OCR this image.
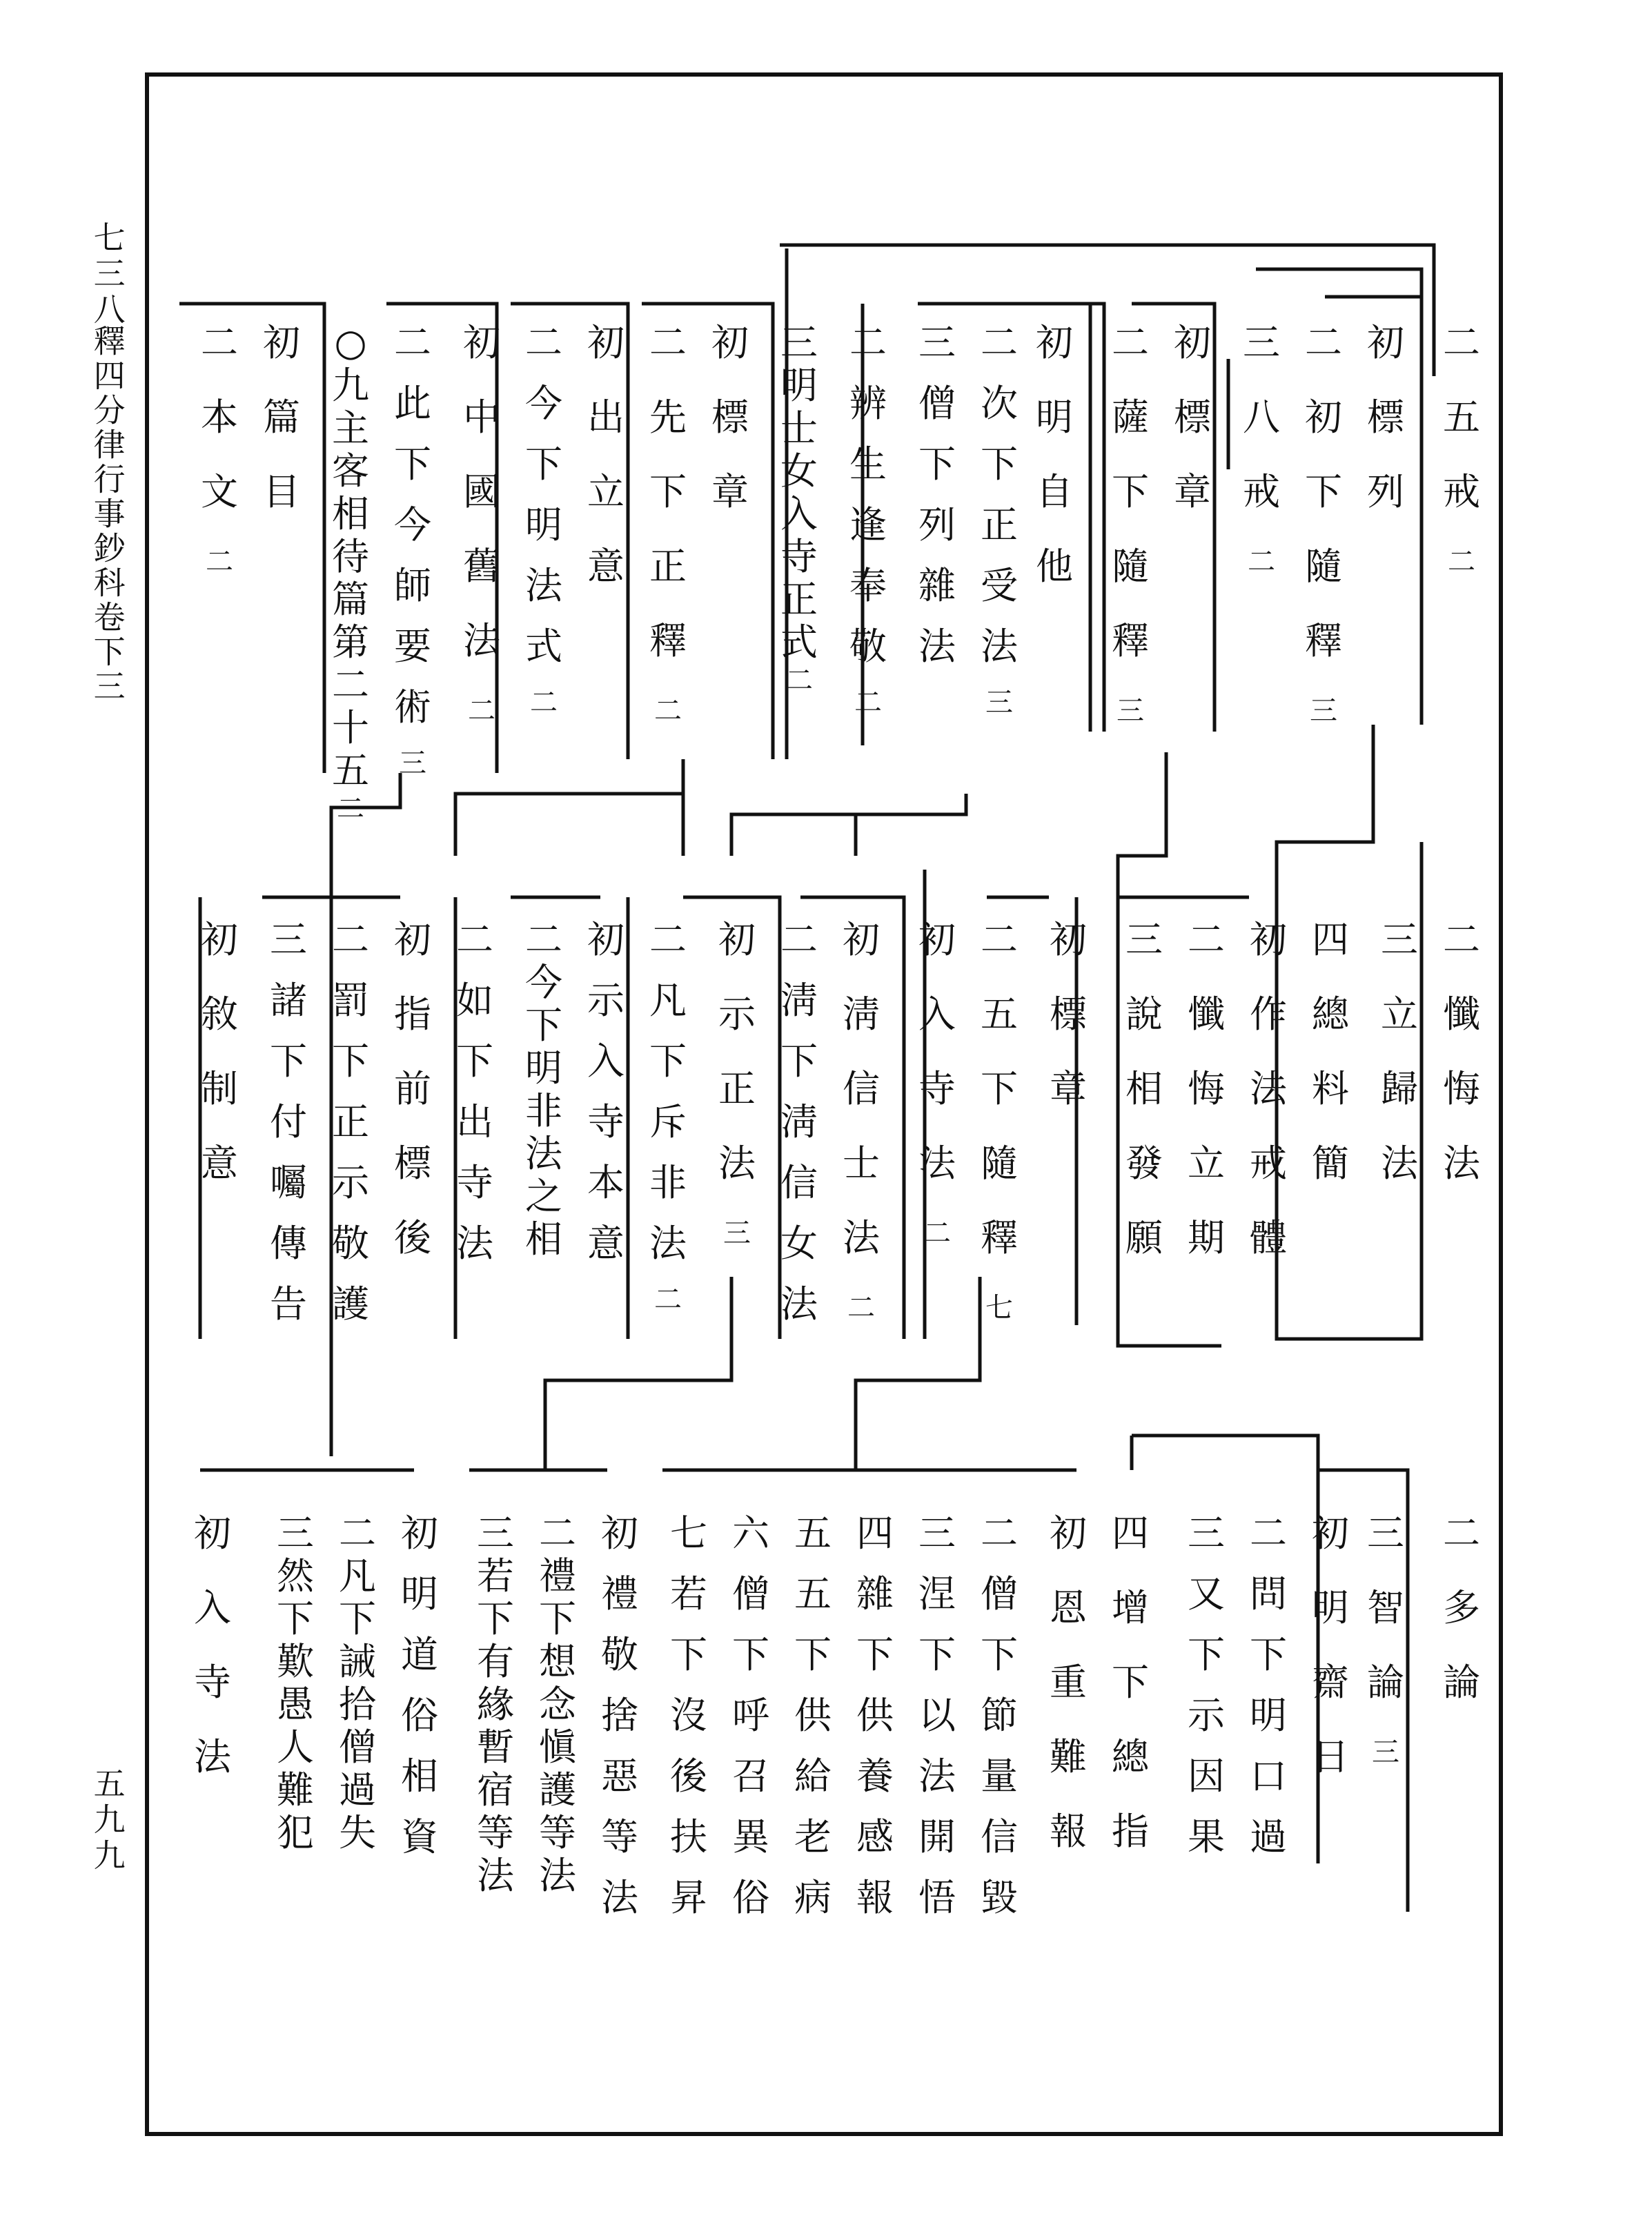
七三八
釋四分律行事鈔科卷下三
五九九
二
五
戒
二
初
標
列
二
初
下
隨
釋
三
三
八
戒
二
初
標
章
二
薩
下
隨
釋
三
初
明
自
他
二
次
下
正
受
法
三
三
僧
下
列
雜
法
二
辨
生
逢
奉
敬
二
三
明
士
女
入
寺
正
式
二
初
標
章
二
先
下
正
釋
二
初
出
立
意
二
今
下
明
法
式
二
初
中
國
舊
法
二
二
此
下
今
師
要
術
三
○
九
主
客
相
待
篇
第
二
十
五
二
初
篇
目
二
本
文
二
二
懺
悔
法
三
立
歸
法
四
總
料
簡
初
作
法
戒
體
二
懺
悔
立
期
三
說
相
發
願
初
標
章
二
五
下
隨
釋
七
初
入
寺
法
二
初
淸
信
士
法
二
二
淸
下
淸
信
女
法
初
示
正
法
三
二
凡
下
斥
非
法
二
初
示
入
寺
本
意
二
今
下
明
非
法
之
相
二
如
下
出
寺
法
初
指
前
標
後
二
罰
下
正
示
敬
護
三
諸
下
付
囑
傳
告
初
敘
制
意
二
多
論
三
智
論
三
初
明
齋
日
二
問
下
明
口
過
三
又
下
示
因
果
四
增
下
總
指
初
恩
重
難
報
二
僧
下
節
量
信
毀
三
涅
下
以
法
開
悟
四
雜
下
供
養
感
報
五
五
下
供
給
老
病
六
僧
下
呼
召
異
俗
七
若
下
沒
後
扶
昇
初
禮
敬
捨
惡
等
法
二
禮
下
想
念
愼
護
等
法
三
若
下
有
緣
暫
宿
等
法
初
明
道
俗
相
資
二
凡
下
誡
拾
僧
過
失
三
然
下
歎
愚
人
難
犯
初
入
寺
法
